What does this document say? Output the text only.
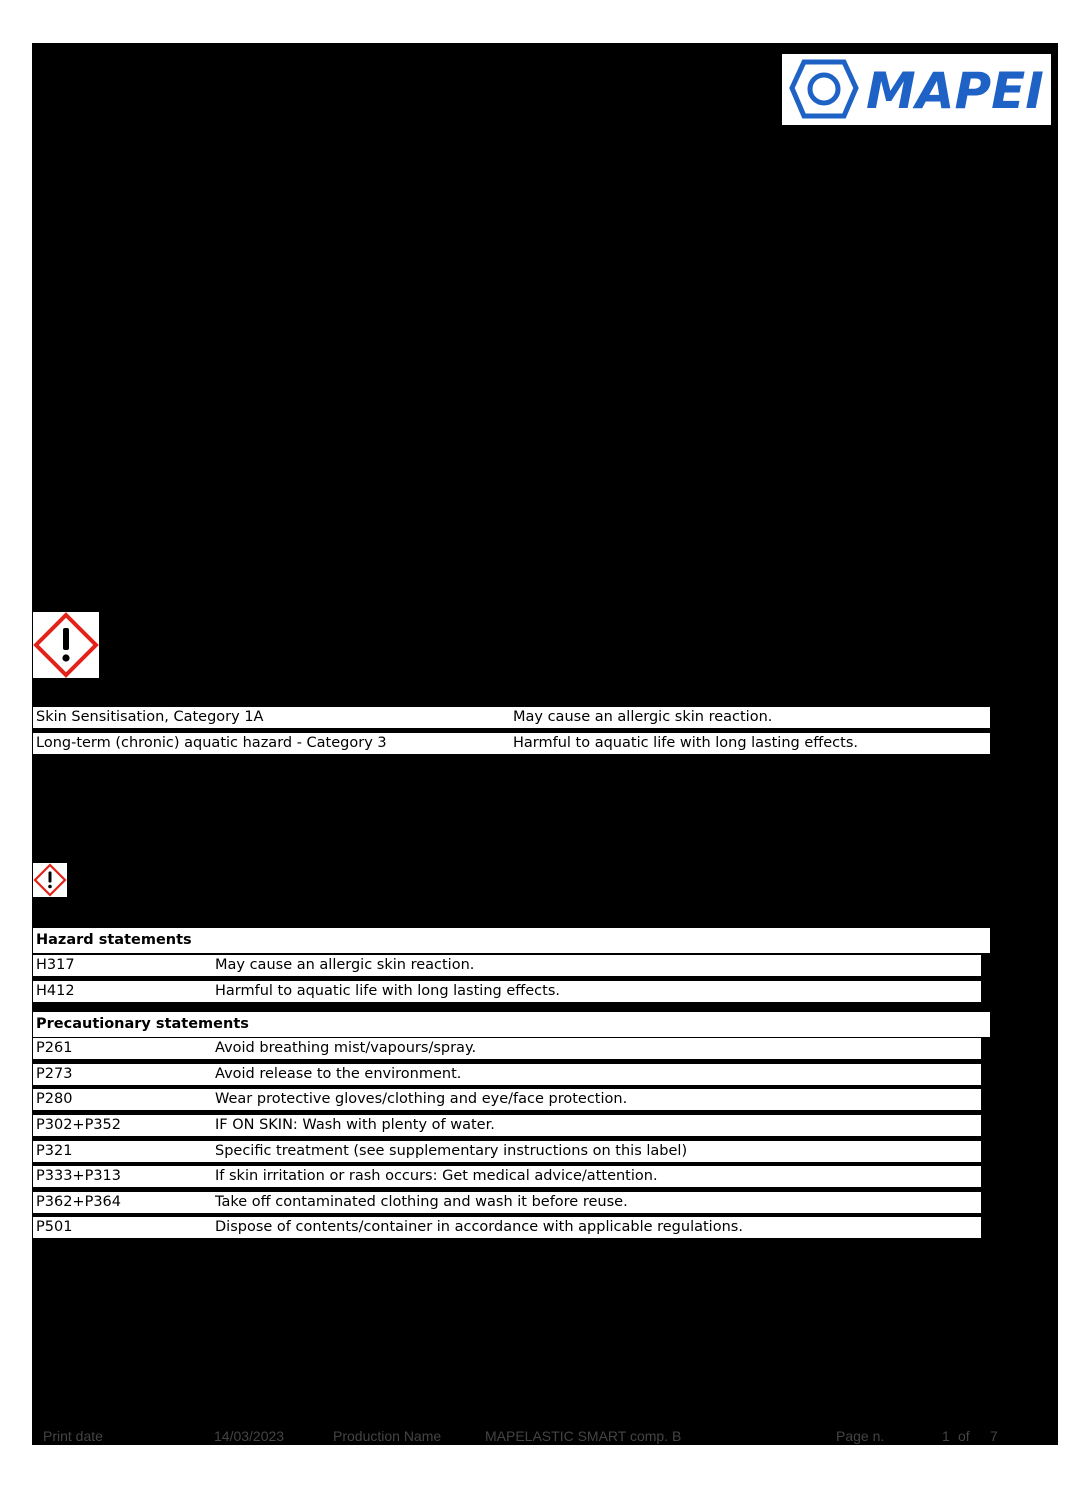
MAPEI
Skin Sensitisation, Category 1A	May cause an allergic skin reaction.
Long-term (chronic) aquatic hazard - Category 3	Harmful to aquatic life with long lasting effects.
Hazard statements
H317	May cause an allergic skin reaction.
H412	Harmful to aquatic life with long lasting effects.
Precautionary statements
P261	Avoid breathing mist/vapours/spray.
P273	Avoid release to the environment.
P280	Wear protective gloves/clothing and eye/face protection.
P302+P352	IF ON SKIN: Wash with plenty of water.
P321	Specific treatment (see supplementary instructions on this label)
P333+P313	If skin irritation or rash occurs: Get medical advice/attention.
P362+P364	Take off contaminated clothing and wash it before reuse.
P501	Dispose of contents/container in accordance with applicable regulations.
Print date	14/03/2023	Production Name	MAPELASTIC SMART comp. B	Page n.	1 of 7
